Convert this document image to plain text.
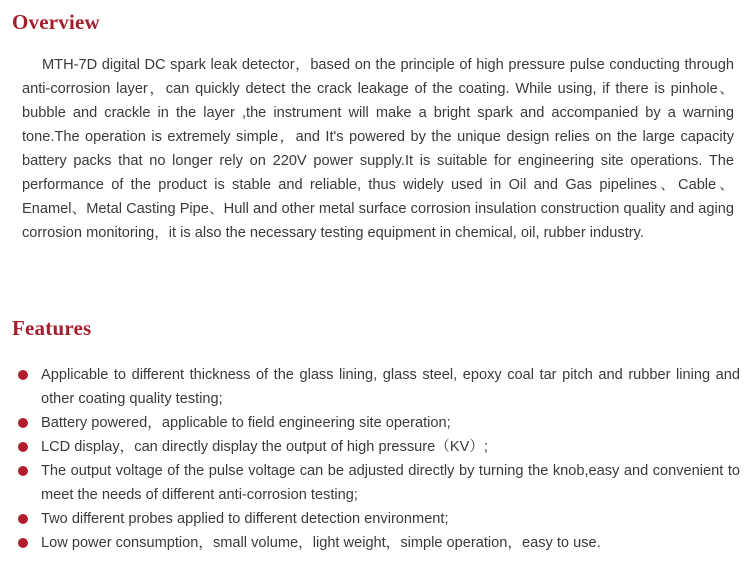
Overview

MTH-7D digital DC spark leak detector，based on the principle of high pressure pulse conducting through anti-corrosion layer，can quickly detect the crack leakage of the coating. While using, if there is pinhole、bubble and crackle in the layer ,the instrument will make a bright spark and accompanied by a warning tone.The operation is extremely simple，and It's powered by the unique design relies on the large capacity battery packs that no longer rely on 220V power supply.It is suitable for engineering site operations. The performance of the product is stable and reliable, thus widely used in Oil and Gas pipelines、Cable、Enamel、Metal Casting Pipe、Hull and other metal surface corrosion insulation construction quality and aging corrosion monitoring，it is also the necessary testing equipment in chemical, oil, rubber industry.

Features
Applicable to different thickness of the glass lining, glass steel, epoxy coal tar pitch and rubber lining and other coating quality testing;
Battery powered，applicable to field engineering site operation;
LCD display，can directly display the output of high pressure（KV）;
The output voltage of the pulse voltage can be adjusted directly by turning the knob,easy and convenient to meet the needs of different anti-corrosion testing;
Two different probes applied to different detection environment;
Low power consumption，small volume，light weight，simple operation，easy to use.
